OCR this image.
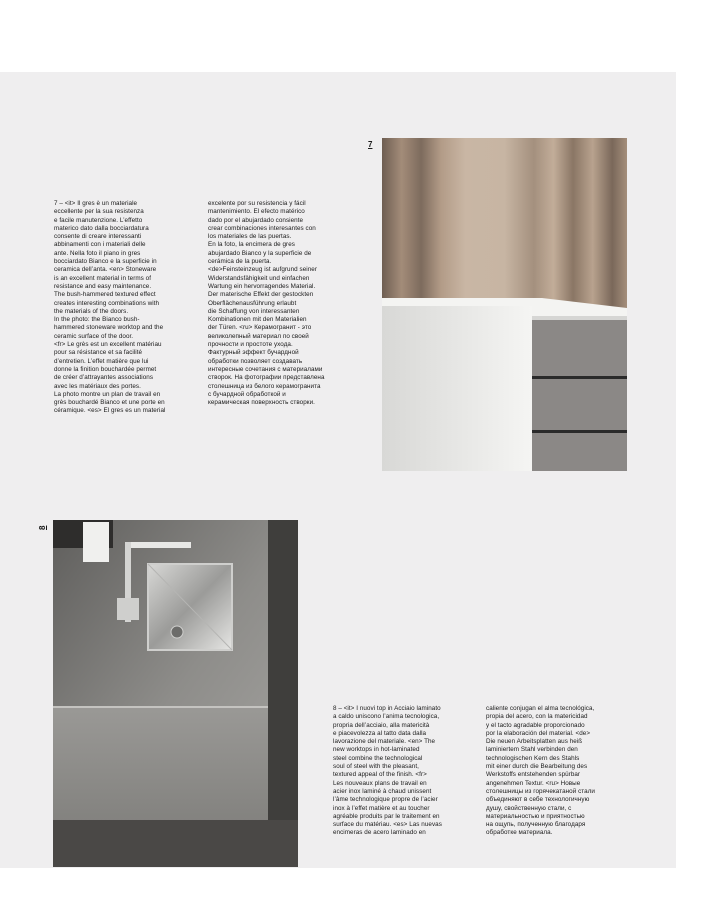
7
7 – <it> Il gres è un materiale
eccellente per la sua resistenza
e facile manutenzione. L’effetto
materico dato dalla bocciardatura
consente di creare interessanti
abbinamenti con i materiali delle
ante. Nella foto il piano in gres
bocciardato Bianco e la superficie in
ceramica dell’anta. <en> Stoneware
is an excellent material in terms of
resistance and easy maintenance.
The bush-hammered textured effect
creates interesting combinations with
the materials of the doors.
In the photo: the Bianco bush-
hammered stoneware worktop and the
ceramic surface of the door.
<fr> Le grès est un excellent matériau
pour sa résistance et sa facilité
d’entretien. L’effet matière que lui
donne la finition bouchardée permet
de créer d’attrayantes associations
avec les matériaux des portes.
La photo montre un plan de travail en
grès bouchardé Bianco et une porte en
céramique. <es> El gres es un material
excelente por su resistencia y fácil
mantenimiento. El efecto matérico
dado por el abujardado consiente
crear combinaciones interesantes con
los materiales de las puertas.
En la foto, la encimera de gres
abujardado Bianco y la superficie de
cerámica de la puerta.
<de>Feinsteinzeug ist aufgrund seiner
Widerstandsfähigkeit und einfachen
Wartung ein hervorragendes Material.
Der materische Effekt der gestockten
Oberflächenausführung erlaubt
die Schaffung von interessanten
Kombinationen mit den Materialien
der Türen. <ru> Керамогранит - это
великолепный материал по своей
прочности и простоте ухода.
Фактурный эффект бучардной
обработки позволяет создавать
интересные сочетания с материалами
створок. На фотографии представлена
столешница из белого керамогранита
с бучардной обработкой и
керамическая поверхность створки.
8
8 – <it> I nuovi top in Acciaio laminato
a caldo uniscono l’anima tecnologica,
propria dell’acciaio, alla matericità
e piacevolezza al tatto data dalla
lavorazione del materiale. <en> The
new worktops in hot-laminated
steel combine the technological
soul of steel with the pleasant,
textured appeal of the finish. <fr>
Les nouveaux plans de travail en
acier inox laminé à chaud unissent
l’âme technologique propre de l’acier
inox à l’effet matière et au toucher
agréable produits par le traitement en
surface du matériau. <es> Las nuevas
encimeras de acero laminado en
caliente conjugan el alma tecnológica,
propia del acero, con la matericidad
y el tacto agradable proporcionado
por la elaboración del material. <de>
Die neuen Arbeitsplatten aus heiß
laminiertem Stahl verbinden den
technologischen Kern des Stahls
mit einer durch die Bearbeitung des
Werkstoffs entstehenden spürbar
angenehmen Textur. <ru> Новые
столешницы из горячекатаной стали
объединяют в себе технологичную
душу, свойственную стали, с
материальностью и приятностью
на ощупь, полученную благодаря
обработке материала.
